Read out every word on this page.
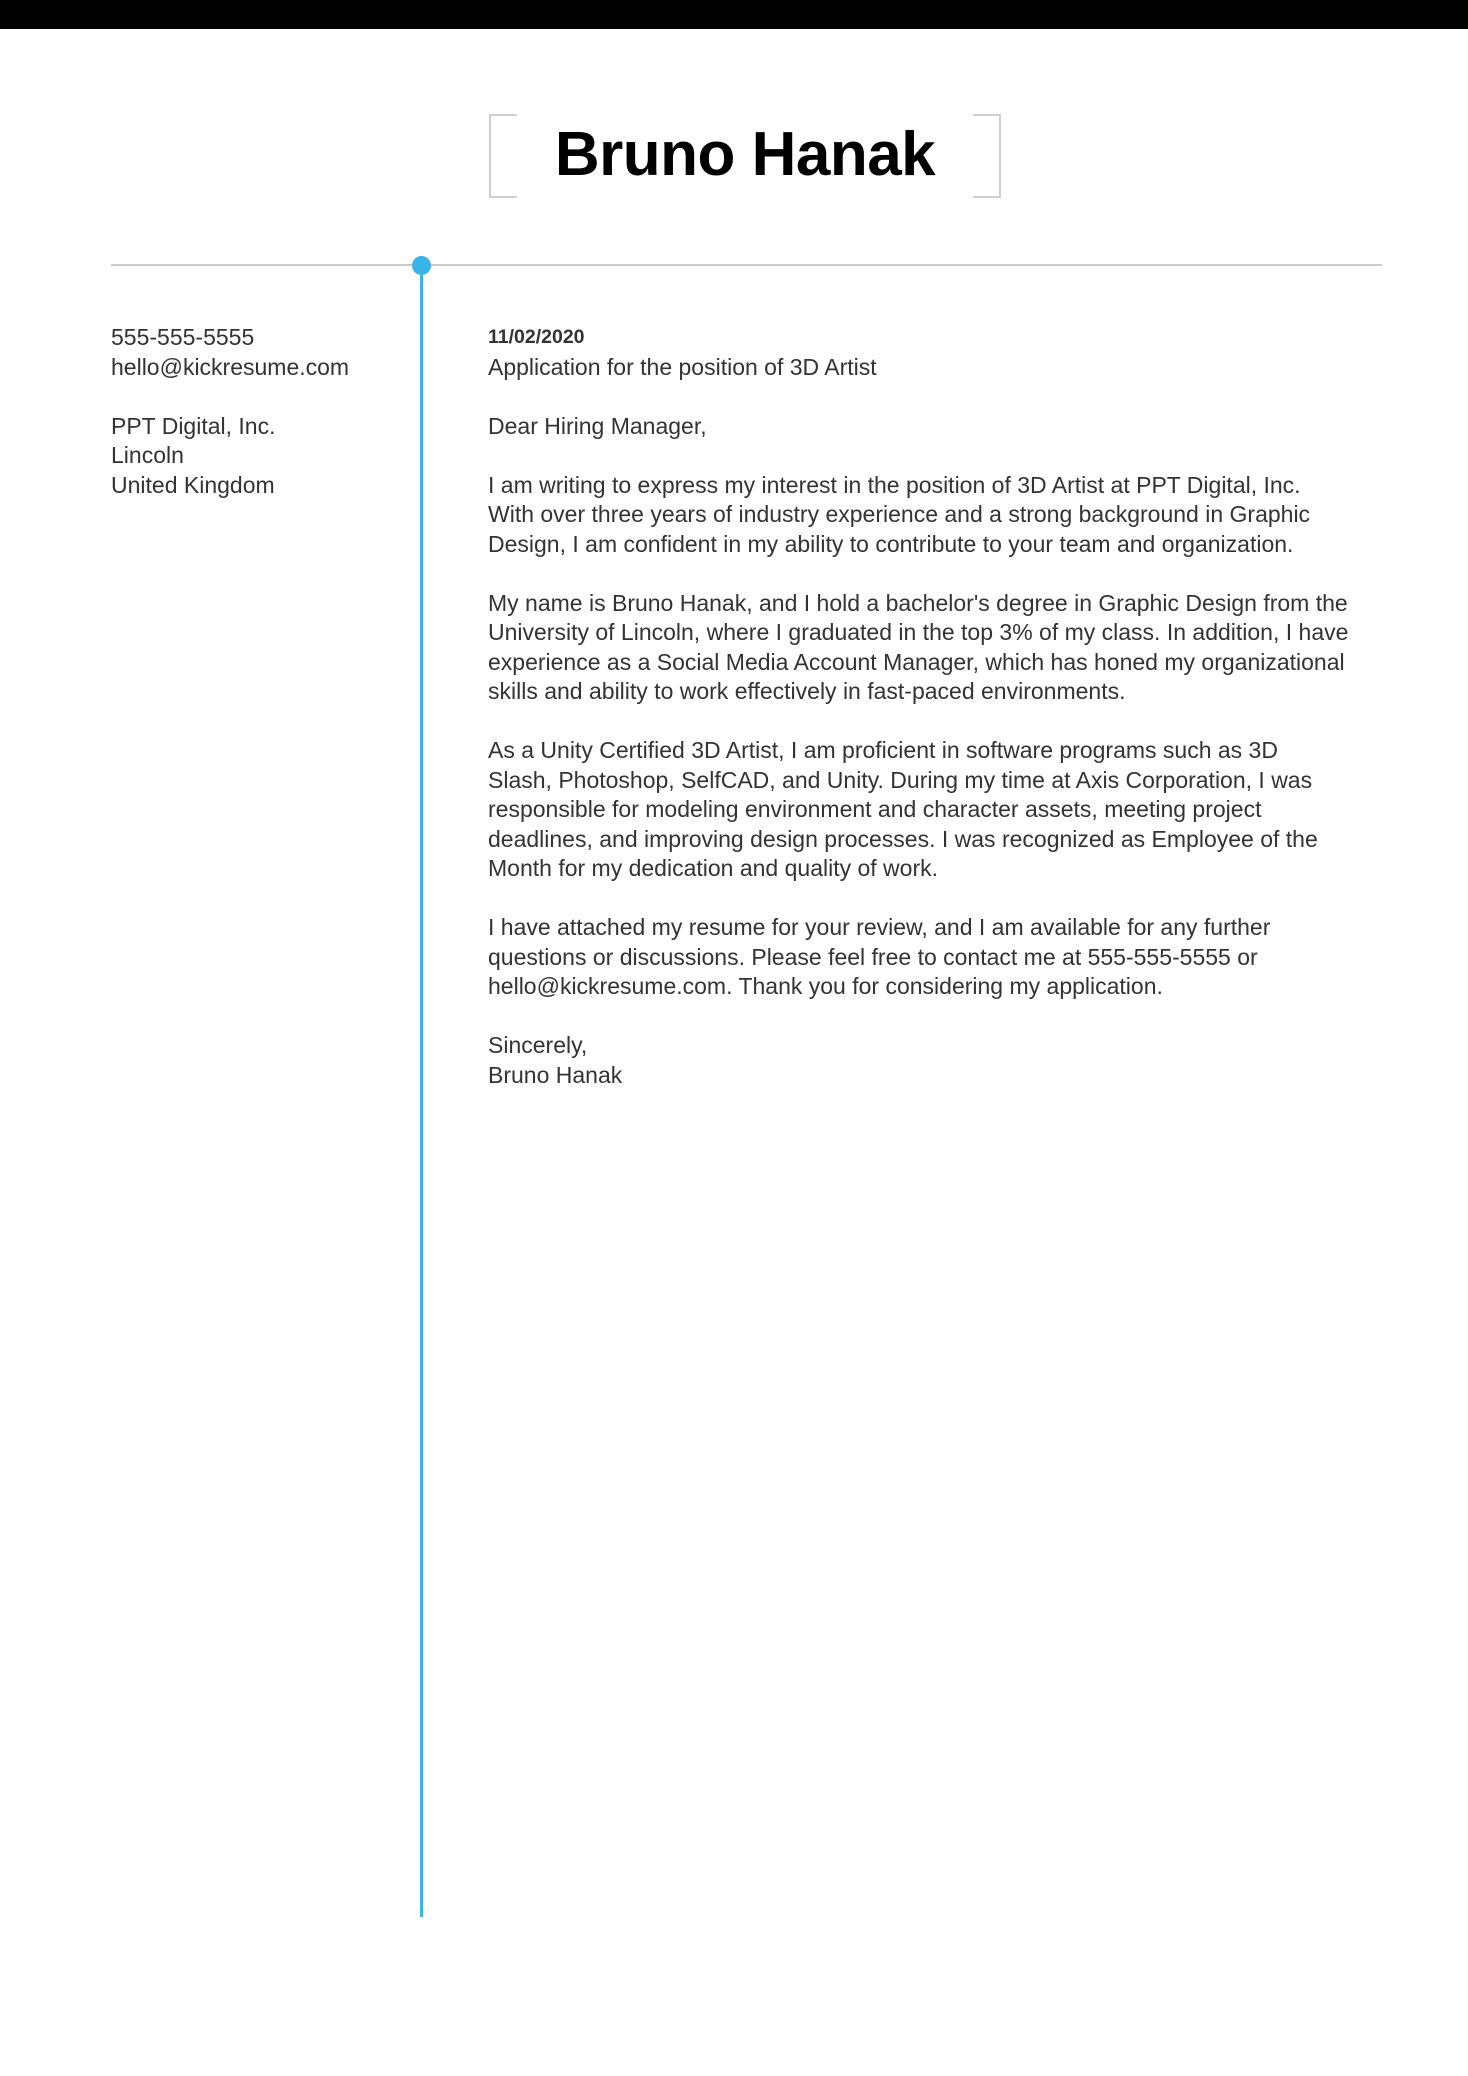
Bruno Hanak
555-555-5555
hello@kickresume.com
PPT Digital, Inc.
Lincoln
United Kingdom
11/02/2020
Application for the position of 3D Artist
Dear Hiring Manager,
I am writing to express my interest in the position of 3D Artist at PPT Digital, Inc.
With over three years of industry experience and a strong background in Graphic
Design, I am confident in my ability to contribute to your team and organization.
My name is Bruno Hanak, and I hold a bachelor's degree in Graphic Design from the
University of Lincoln, where I graduated in the top 3% of my class. In addition, I have
experience as a Social Media Account Manager, which has honed my organizational
skills and ability to work effectively in fast-paced environments.
As a Unity Certified 3D Artist, I am proficient in software programs such as 3D
Slash, Photoshop, SelfCAD, and Unity. During my time at Axis Corporation, I was
responsible for modeling environment and character assets, meeting project
deadlines, and improving design processes. I was recognized as Employee of the
Month for my dedication and quality of work.
I have attached my resume for your review, and I am available for any further
questions or discussions. Please feel free to contact me at 555-555-5555 or
hello@kickresume.com. Thank you for considering my application.
Sincerely,
Bruno Hanak
